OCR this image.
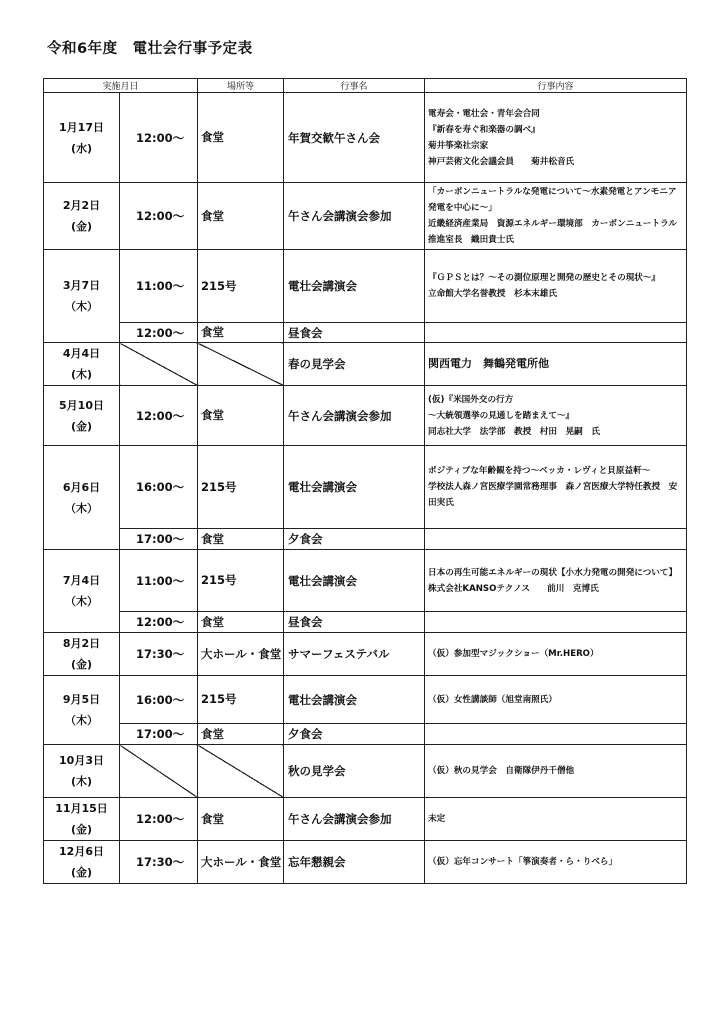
令和6年度　電壮会行事予定表
実施月日			場所等	行事名	行事内容

1月17日
(水)	12:00～		食堂	年賀交歓午さん会	電寿会・電壮会・青年会合同
『新春を寿ぐ和楽器の調べ』
菊井筝楽社宗家
神戸芸術文化会議会員　　菊井松音氏

2月2日
(金)	12:00～		食堂	午さん会講演会参加	「カーボンニュートラルな発電について～水素発電とアンモニア発電を中心に～」
近畿経済産業局　資源エネルギー環境部　カーボンニュートラル推進室長　織田貴士氏

3月7日
（木）	11:00～		215号	電壮会講演会	『ＧＰＳとは？～その測位原理と開発の歴史とその現状～』
立命館大学名誉教授　杉本末雄氏

	12:00～		食堂	昼食会	

4月4日
(木)				春の見学会	関西電力　舞鶴発電所他

5月10日
(金)	12:00～		食堂	午さん会講演会参加	(仮)『米国外交の行方
～大統領選挙の見通しを踏まえて～』
同志社大学　法学部　教授　村田　晃嗣　氏

6月6日
（木）	16:00～		215号	電壮会講演会	ポジティブな年齢観を持つ～ベッカ・レヴィと貝原益軒～
学校法人森ノ宮医療学園常務理事　森ノ宮医療大学特任教授　安田実氏

	17:00～		食堂	夕食会	

7月4日
（木）	11:00～		215号	電壮会講演会	日本の再生可能エネルギーの現状【小水力発電の開発について】
株式会社KANSOテクノス　　前川　克博氏

	12:00～		食堂	昼食会	

8月2日
(金)	17:30～		大ホール・食堂	サマーフェステバル	（仮）参加型マジックショー（Mr.HERO）

9月5日
（木）	16:00～		215号	電壮会講演会	（仮）女性講談師（旭堂南照氏）

	17:00～		食堂	夕食会	

10月3日
(木)				秋の見学会	（仮）秋の見学会　自衛隊伊丹千僧他

11月15日
(金)	12:00～		食堂	午さん会講演会参加	未定

12月6日
(金)	17:30～		大ホール・食堂	忘年懇親会	（仮）忘年コンサート「箏演奏者・ら・りべら」
